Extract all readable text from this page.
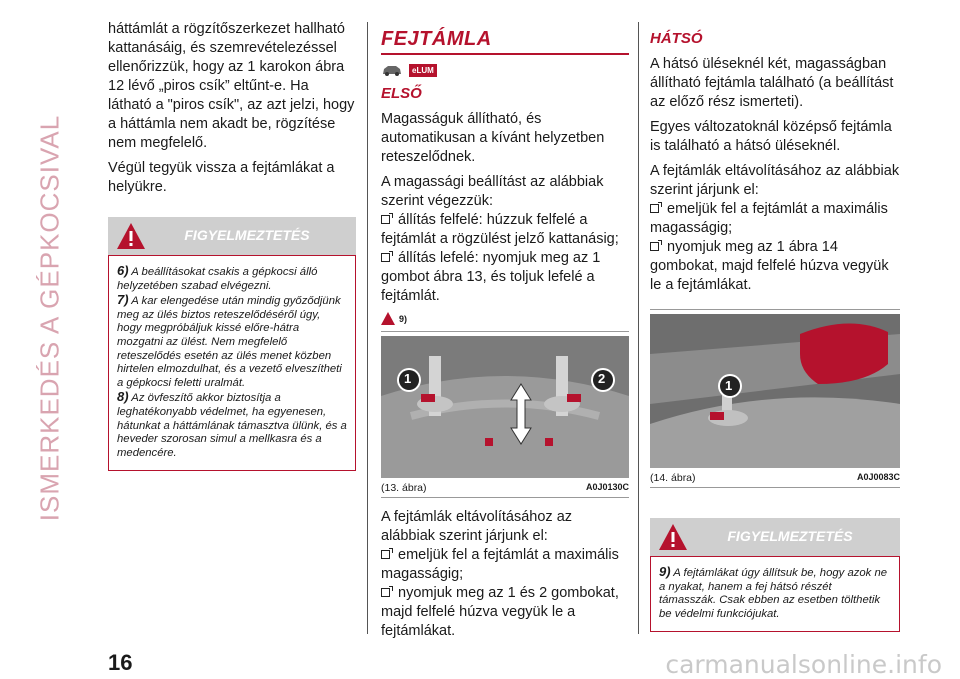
ISMERKEDÉS A GÉPKOCSIVAL

háttámlát a rögzítőszerkezet hallható kattanásáig, és szemrevételezéssel ellenőrizzük, hogy az 1 karokon ábra 12 lévő „piros csík” eltűnt-e. Ha látható a "piros csík", az azt jelzi, hogy a háttámla nem akadt be, rögzítése nem megfelelő.

Végül tegyük vissza a fejtámlákat a helyükre.

FIGYELMEZTETÉS
6) A beállításokat csakis a gépkocsi álló helyzetében szabad elvégezni.
7) A kar elengedése után mindig győződjünk meg az ülés biztos reteszelődéséről úgy, hogy megpróbáljuk kissé előre-hátra mozgatni az ülést. Nem megfelelő reteszelődés esetén az ülés menet közben hirtelen elmozdulhat, és a vezető elveszítheti a gépkocsi feletti uralmát.
8) Az övfeszítő akkor biztosítja a leghatékonyabb védelmet, ha egyenesen, hátunkat a háttámlának támasztva ülünk, és a heveder szorosan simul a mellkasra és a medencére.
FEJTÁMLA
eLUM
ELSŐ

Magasságuk állítható, és automatikusan a kívánt helyzetben reteszelődnek.

A magassági beállítást az alábbiak szerint végezzük:

állítás felfelé: húzzuk felfelé a fejtámlát a rögzülést jelző kattanásig;

állítás lefelé: nyomjuk meg az 1 gombot ábra 13, és toljuk lefelé a fejtámlát.

9)
1	2
(13. ábra)	A0J0130C

A fejtámlák eltávolításához az alábbiak szerint járjunk el:

emeljük fel a fejtámlát a maximális magasságig;

nyomjuk meg az 1 és 2 gombokat, majd felfelé húzva vegyük le a fejtámlákat.

HÁTSÓ

A hátsó üléseknél két, magasságban állítható fejtámla található (a beállítást az előző rész ismerteti).

Egyes változatoknál középső fejtámla is található a hátsó üléseknél.

A fejtámlák eltávolításához az alábbiak szerint járjunk el:

emeljük fel a fejtámlát a maximális magasságig;

nyomjuk meg az 1 ábra 14 gombokat, majd felfelé húzva vegyük le a fejtámlákat.

1
(14. ábra)	A0J0083C
FIGYELMEZTETÉS
9) A fejtámlákat úgy állítsuk be, hogy azok ne a nyakat, hanem a fej hátsó részét támasszák. Csak ebben az esetben tölthetik be védelmi funkciójukat.
16	carmanualsonline.info
